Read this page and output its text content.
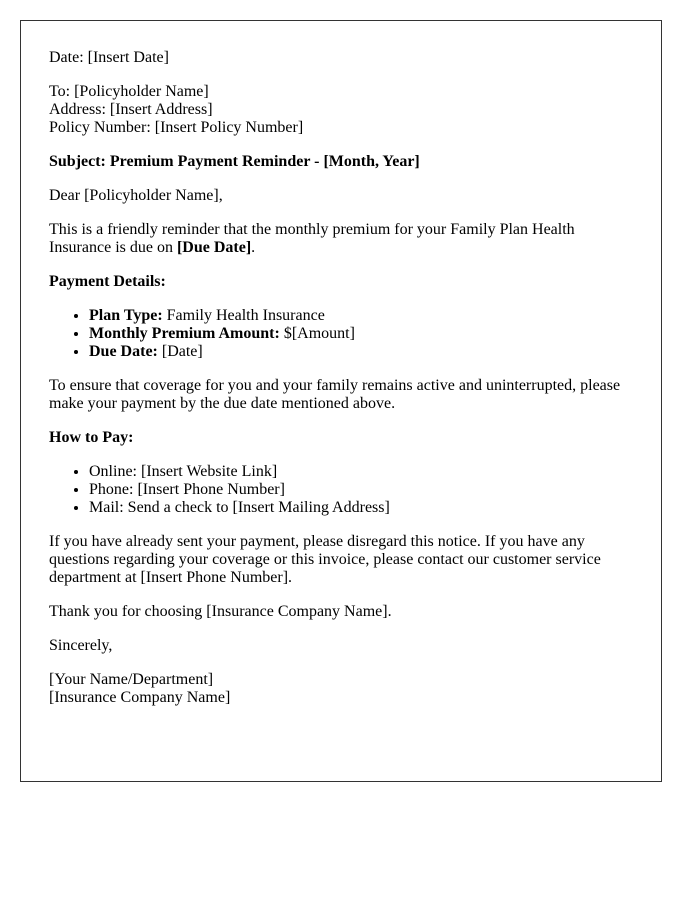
Date: [Insert Date]

To: [Policyholder Name]
Address: [Insert Address]
Policy Number: [Insert Policy Number]

Subject: Premium Payment Reminder - [Month, Year]

Dear [Policyholder Name],

This is a friendly reminder that the monthly premium for your Family Plan Health Insurance is due on [Due Date].

Payment Details:

• Plan Type: Family Health Insurance
• Monthly Premium Amount: $[Amount]
• Due Date: [Date]

To ensure that coverage for you and your family remains active and uninterrupted, please make your payment by the due date mentioned above.

How to Pay:

• Online: [Insert Website Link]
• Phone: [Insert Phone Number]
• Mail: Send a check to [Insert Mailing Address]

If you have already sent your payment, please disregard this notice. If you have any questions regarding your coverage or this invoice, please contact our customer service department at [Insert Phone Number].

Thank you for choosing [Insurance Company Name].

Sincerely,

[Your Name/Department]
[Insurance Company Name]
